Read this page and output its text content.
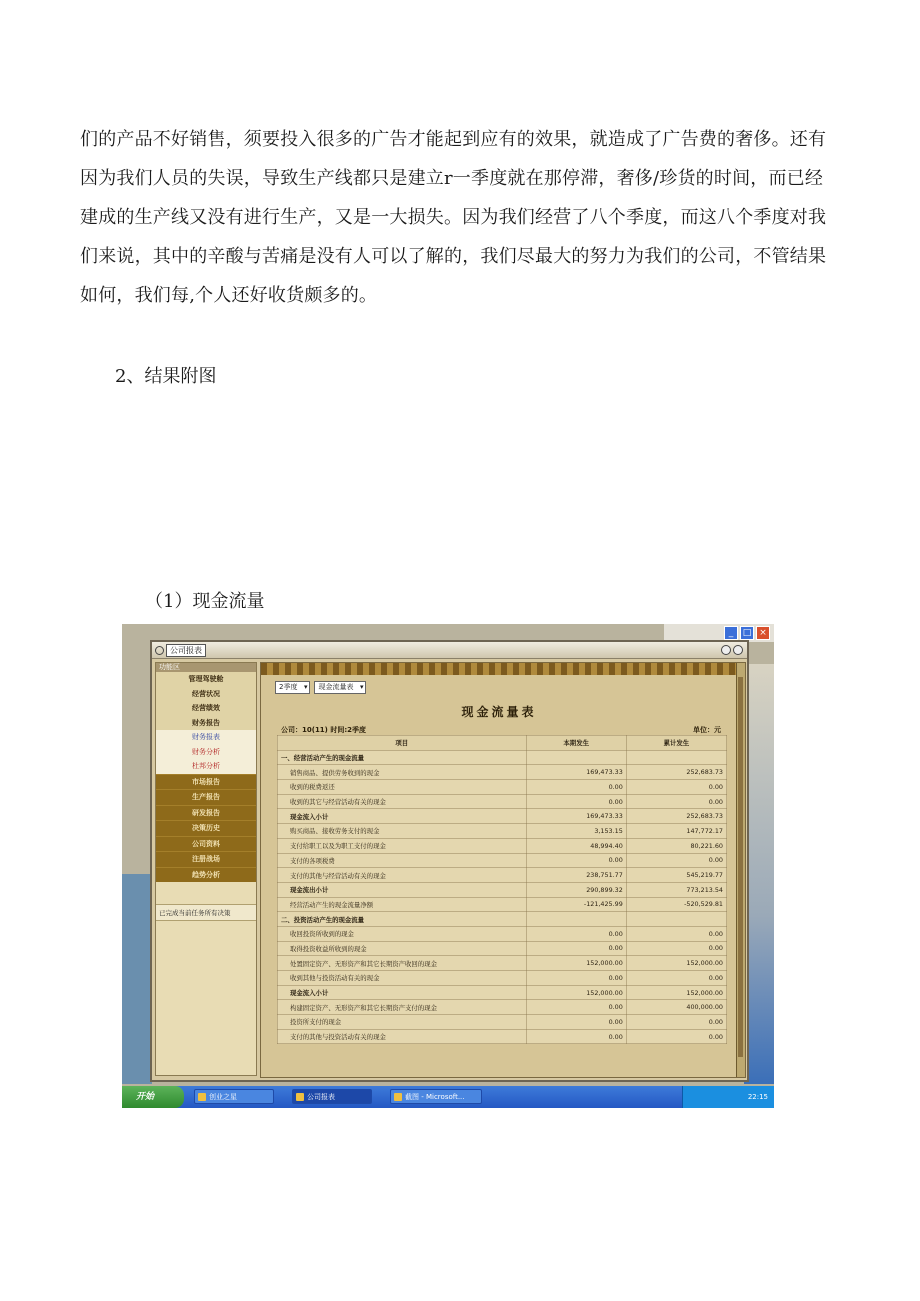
们的产品不好销售，须要投入很多的广告才能起到应有的效果，就造成了广告费的奢侈。还有
因为我们人员的失误，导致生产线都只是建立r一季度就在那停滞，奢侈/珍货的时间，而已经
建成的生产线又没有进行生产，又是一大损失。因为我们经营了八个季度，而这八个季度对我
们来说，其中的辛酸与苦痛是没有人可以了解的，我们尽最大的努力为我们的公司，不管结果
如何，我们每,个人还好收货颇多的。
2、结果附图
（1）现金流量
_	□ ×
公司报表
功能区
管理驾驶舱
经营状况
经营绩效
财务报告
财务报表
财务分析
杜邦分析
市场报告
生产报告
研发报告
决策历史
公司资料
注册战场
趋势分析
已完成当前任务所有决策
2季度 ▾	现金流量表 ▾
现金流量表
公司：10(11) 时间:2季度	单位：元
项目	本期发生	累计发生
一、经营活动产生的现金流量		
销售商品、提供劳务收到的现金	169,473.33	252,683.73
收到的税费返还	0.00	0.00
收到的其它与经营活动有关的现金	0.00	0.00
现金流入小计	169,473.33	252,683.73
购买商品、接收劳务支付的现金	3,153.15	147,772.17
支付给职工以及为职工支付的现金	48,994.40	80,221.60
支付的各项税费	0.00	0.00
支付的其他与经营活动有关的现金	238,751.77	545,219.77
现金流出小计	290,899.32	773,213.54
经营活动产生的现金流量净额	-121,425.99	-520,529.81
二、投资活动产生的现金流量		
收回投资所收到的现金	0.00	0.00
取得投资收益所收到的现金	0.00	0.00
处置固定资产、无形资产和其它长期资产收回的现金	152,000.00	152,000.00
收到其他与投资活动有关的现金	0.00	0.00
现金流入小计	152,000.00	152,000.00
构建固定资产、无形资产和其它长期资产支付的现金	0.00	400,000.00
投资所支付的现金	0.00	0.00
支付的其他与投资活动有关的现金	0.00	0.00
开始	创业之星	公司报表	截图 - Microsoft...	22:15
